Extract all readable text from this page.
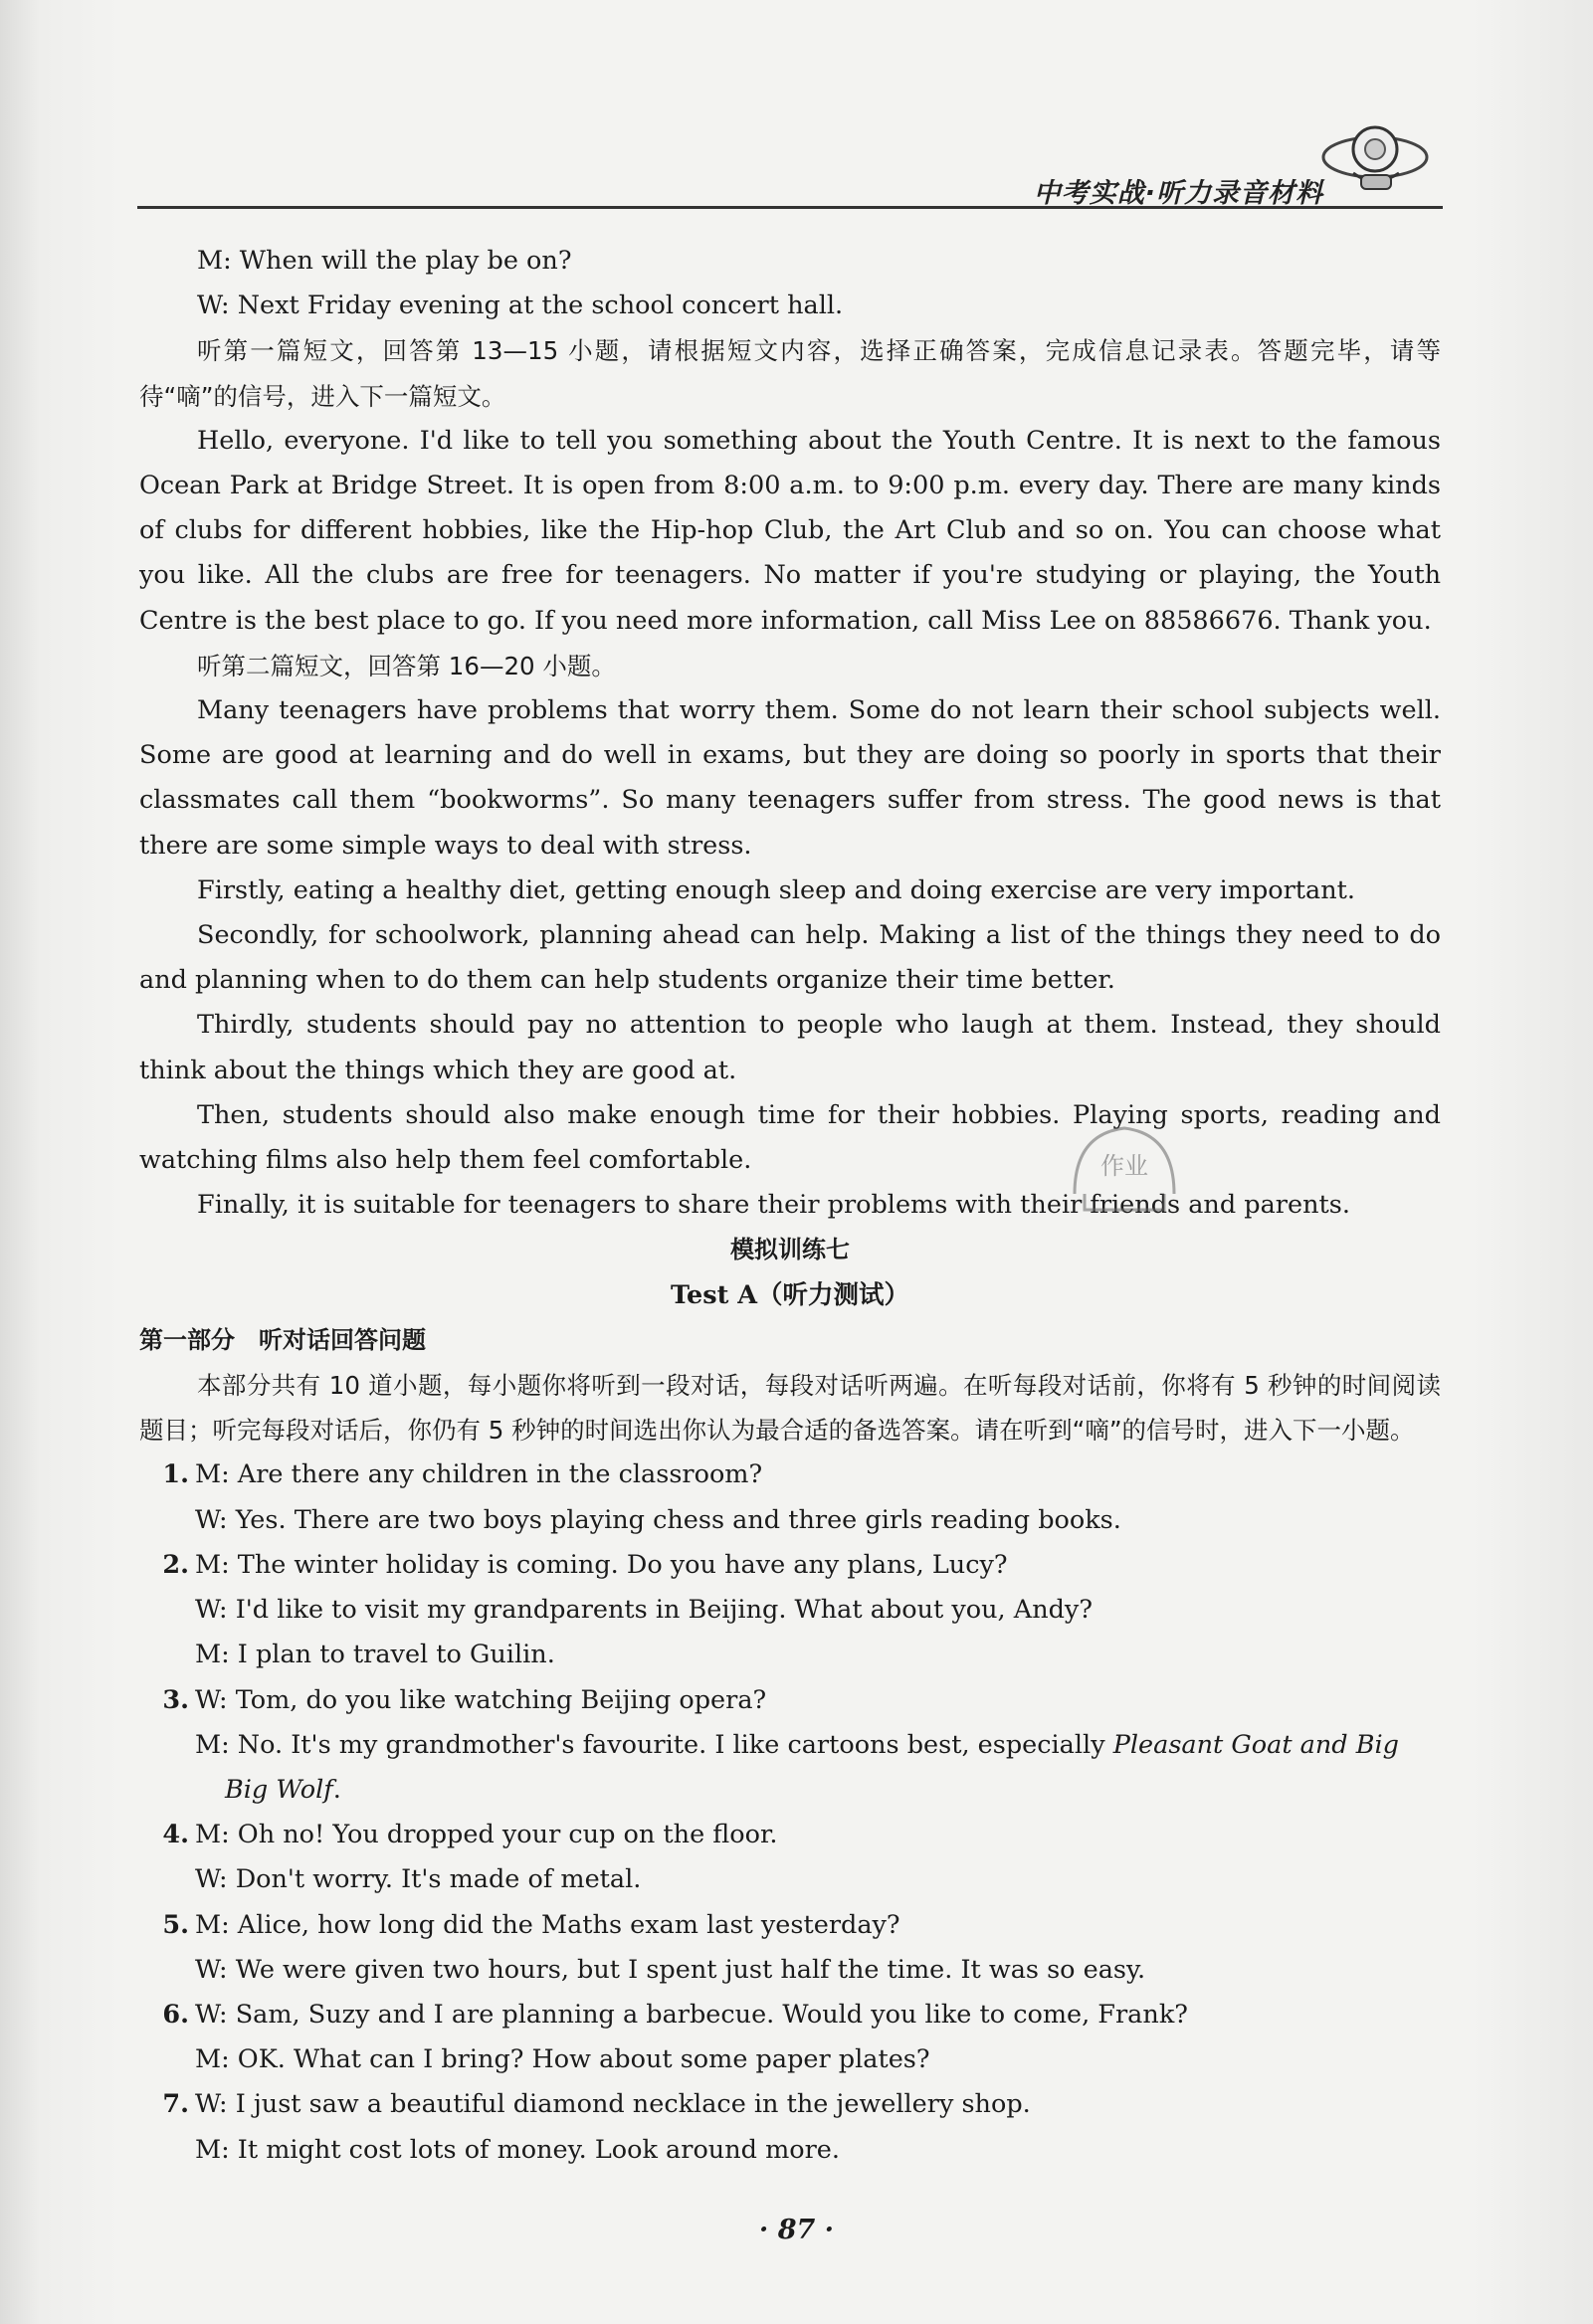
中考实战·听力录音材料

M: When will the play be on?

W: Next Friday evening at the school concert hall.

听第一篇短文，回答第 13—15 小题，请根据短文内容，选择正确答案，完成信息记录表。答题完毕，请等待“嘀”的信号，进入下一篇短文。

Hello, everyone. I'd like to tell you something about the Youth Centre. It is next to the famous Ocean Park at Bridge Street. It is open from 8:00 a.m. to 9:00 p.m. every day. There are many kinds of clubs for different hobbies, like the Hip-hop Club, the Art Club and so on. You can choose what you like. All the clubs are free for teenagers. No matter if you're studying or playing, the Youth Centre is the best place to go. If you need more information, call Miss Lee on 88586676. Thank you.

听第二篇短文，回答第 16—20 小题。

Many teenagers have problems that worry them. Some do not learn their school subjects well. Some are good at learning and do well in exams, but they are doing so poorly in sports that their classmates call them “bookworms”. So many teenagers suffer from stress. The good news is that there are some simple ways to deal with stress.

Firstly, eating a healthy diet, getting enough sleep and doing exercise are very important.

Secondly, for schoolwork, planning ahead can help. Making a list of the things they need to do and planning when to do them can help students organize their time better.

Thirdly, students should pay no attention to people who laugh at them. Instead, they should think about the things which they are good at.

Then, students should also make enough time for their hobbies. Playing sports, reading and watching films also help them feel comfortable.

Finally, it is suitable for teenagers to share their problems with their friends and parents.

模拟训练七

Test A（听力测试）

第一部分　听对话回答问题

本部分共有 10 道小题，每小题你将听到一段对话，每段对话听两遍。在听每段对话前，你将有 5 秒钟的时间阅读题目；听完每段对话后，你仍有 5 秒钟的时间选出你认为最合适的备选答案。请在听到“嘀”的信号时，进入下一小题。

1. M: Are there any children in the classroom?
W: Yes. There are two boys playing chess and three girls reading books.
2. M: The winter holiday is coming. Do you have any plans, Lucy?
W: I'd like to visit my grandparents in Beijing. What about you, Andy?
M: I plan to travel to Guilin.
3. W: Tom, do you like watching Beijing opera?
M: No. It's my grandmother's favourite. I like cartoons best, especially Pleasant Goat and Big
Big Wolf.
4. M: Oh no! You dropped your cup on the floor.
W: Don't worry. It's made of metal.
5. M: Alice, how long did the Maths exam last yesterday?
W: We were given two hours, but I spent just half the time. It was so easy.
6. W: Sam, Suzy and I are planning a barbecue. Would you like to come, Frank?
M: OK. What can I bring? How about some paper plates?
7. W: I just saw a beautiful diamond necklace in the jewellery shop.
M: It might cost lots of money. Look around more.
作业
· 87 ·
